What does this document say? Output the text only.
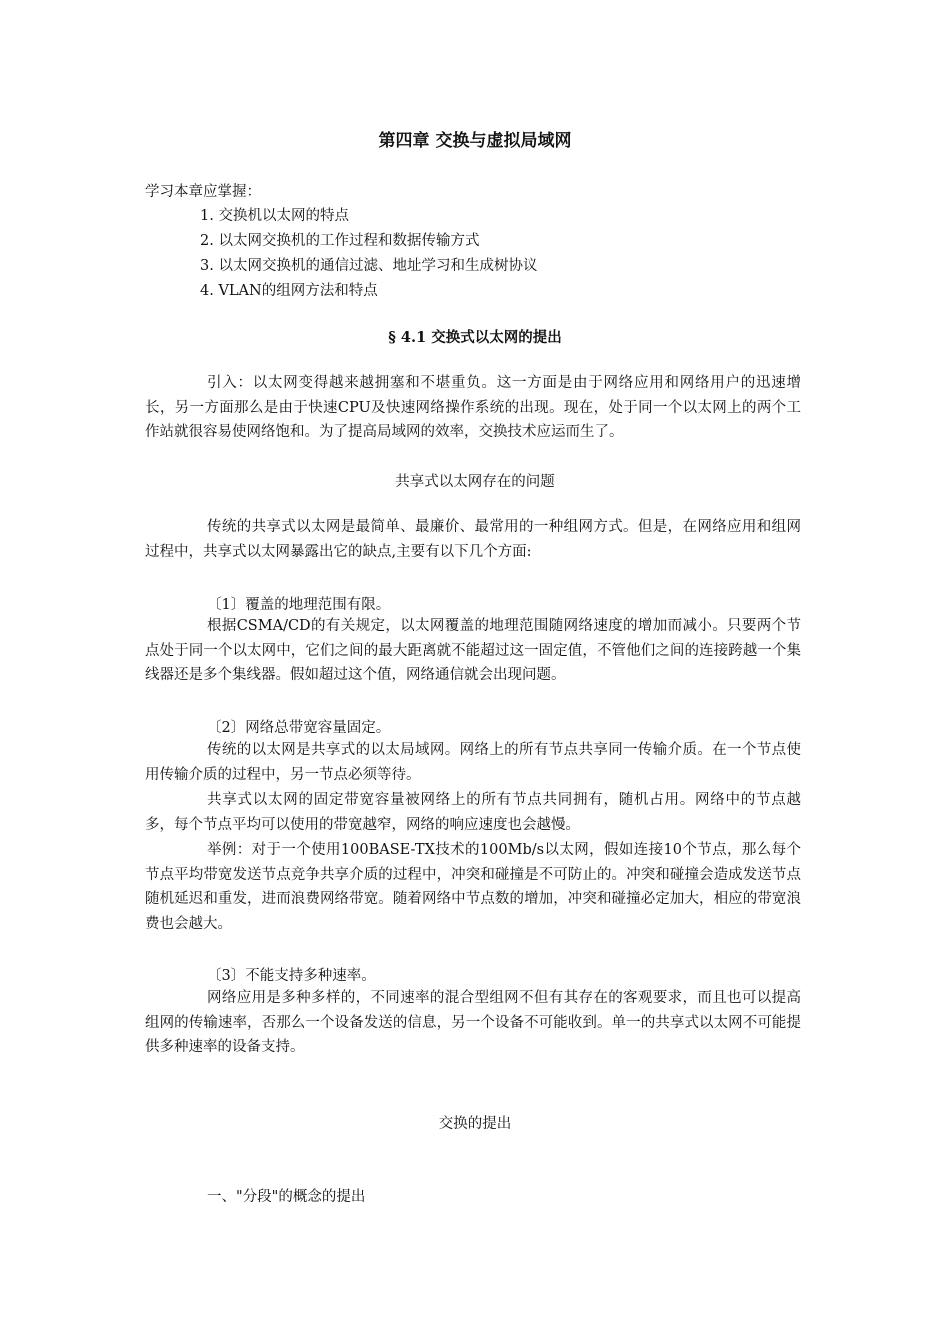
第四章 交换与虚拟局域网
学习本章应掌握：
1. 交换机以太网的特点
2. 以太网交换机的工作过程和数据传输方式
3. 以太网交换机的通信过滤、地址学习和生成树协议
4. VLAN的组网方法和特点
§ 4.1 交换式以太网的提出
引入：以太网变得越来越拥塞和不堪重负。这一方面是由于网络应用和网络用户的迅速增长，另一方面那么是由于快速CPU及快速网络操作系统的出现。现在，处于同一个以太网上的两个工作站就很容易使网络饱和。为了提高局域网的效率，交换技术应运而生了。
共享式以太网存在的问题
传统的共享式以太网是最简单、最廉价、最常用的一种组网方式。但是，在网络应用和组网过程中，共享式以太网暴露出它的缺点,主要有以下几个方面:
〔1〕覆盖的地理范围有限。
根据CSMA/CD的有关规定，以太网覆盖的地理范围随网络速度的增加而减小。只要两个节点处于同一个以太网中，它们之间的最大距离就不能超过这一固定值，不管他们之间的连接跨越一个集线器还是多个集线器。假如超过这个值，网络通信就会出现问题。
〔2〕网络总带宽容量固定。
传统的以太网是共享式的以太局域网。网络上的所有节点共享同一传输介质。在一个节点使用传输介质的过程中，另一节点必须等待。
共享式以太网的固定带宽容量被网络上的所有节点共同拥有，随机占用。网络中的节点越多，每个节点平均可以使用的带宽越窄，网络的响应速度也会越慢。
举例：对于一个使用100BASE-TX技术的100Mb/s以太网，假如连接10个节点，那么每个节点平均带宽发送节点竞争共享介质的过程中，冲突和碰撞是不可防止的。冲突和碰撞会造成发送节点随机延迟和重发，进而浪费网络带宽。随着网络中节点数的增加，冲突和碰撞必定加大，相应的带宽浪费也会越大。
〔3〕不能支持多种速率。
网络应用是多种多样的，不同速率的混合型组网不但有其存在的客观要求，而且也可以提高组网的传输速率，否那么一个设备发送的信息，另一个设备不可能收到。单一的共享式以太网不可能提供多种速率的设备支持。
交换的提出
一、"分段"的概念的提出
